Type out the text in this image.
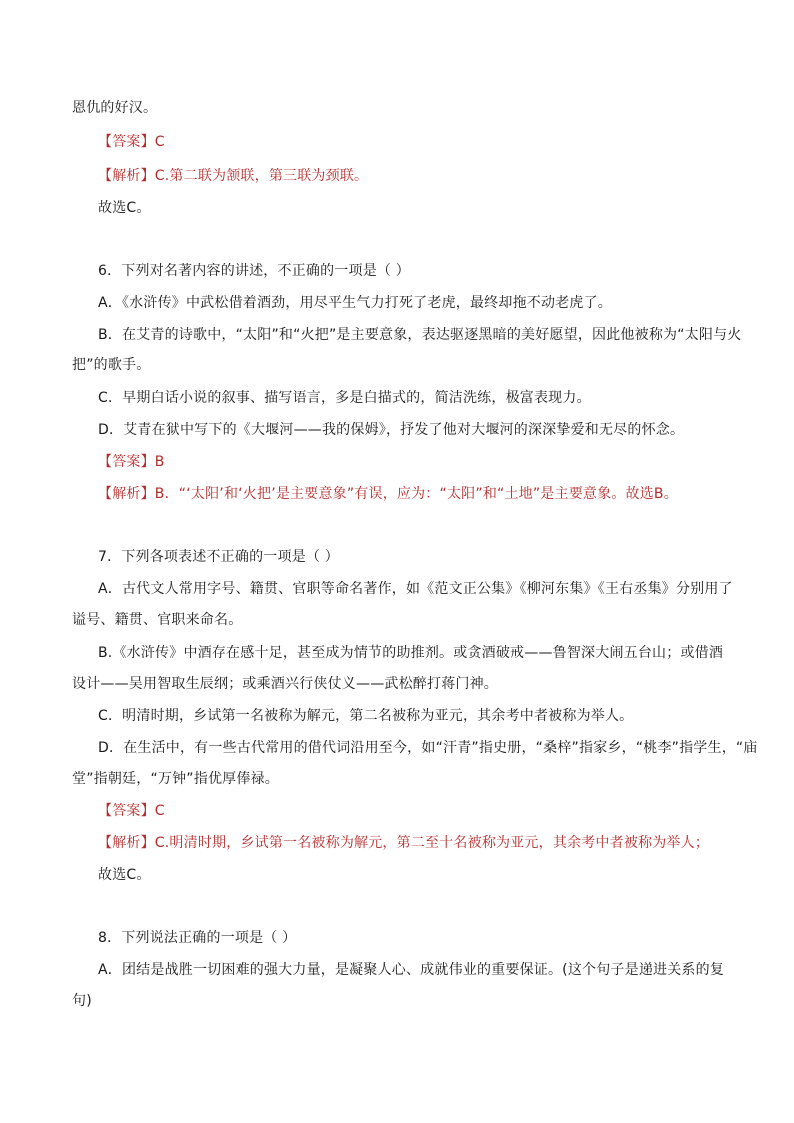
恩仇的好汉。
【答案】C
【解析】C.第二联为颔联，第三联为颈联。
故选C。
6．下列对名著内容的讲述，不正确的一项是（ ）
A．《水浒传》中武松借着酒劲，用尽平生气力打死了老虎，最终却拖不动老虎了。
B．在艾青的诗歌中，“太阳”和“火把”是主要意象，表达驱逐黑暗的美好愿望，因此他被称为“太阳与火
把”的歌手。
C．早期白话小说的叙事、描写语言，多是白描式的，简洁洗练，极富表现力。
D．艾青在狱中写下的《大堰河——我的保姆》，抒发了他对大堰河的深深挚爱和无尽的怀念。
【答案】B
【解析】B．“‘太阳’和‘火把’是主要意象”有误，应为：“太阳”和“土地”是主要意象。故选B。
7．下列各项表述不正确的一项是（ ）
A．古代文人常用字号、籍贯、官职等命名著作，如《范文正公集》《柳河东集》《王右丞集》分别用了
谥号、籍贯、官职来命名。
B.《水浒传》中酒存在感十足，甚至成为情节的助推剂。或贪酒破戒——鲁智深大闹五台山；或借酒
设计——吴用智取生辰纲；或乘酒兴行侠仗义——武松醉打蒋门神。
C．明清时期，乡试第一名被称为解元，第二名被称为亚元，其余考中者被称为举人。
D．在生活中，有一些古代常用的借代词沿用至今，如“汗青”指史册，“桑梓”指家乡，“桃李”指学生，“庙
堂”指朝廷，“万钟”指优厚俸禄。
【答案】C
【解析】C.明清时期，乡试第一名被称为解元，第二至十名被称为亚元，其余考中者被称为举人；
故选C。
8．下列说法正确的一项是（ ）
A．团结是战胜一切困难的强大力量，是凝聚人心、成就伟业的重要保证。(这个句子是递进关系的复
句)
